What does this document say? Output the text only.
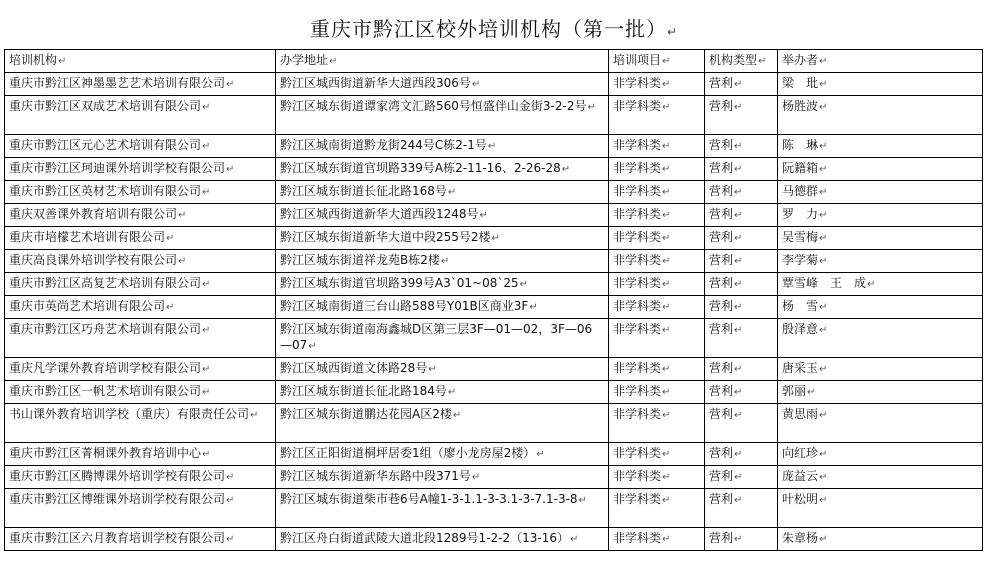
重庆市黔江区校外培训机构（第一批）↵
培训机构 ↵	办学地址 ↵	培训项目 ↵	机构类型 ↵	举办者 ↵
重庆市黔江区神墨墨艺艺术培训有限公司 ↵	黔江区城西街道新华大道西段306号 ↵	非学科类 ↵	营利 ↵	梁　玭 ↵
重庆市黔江区双成艺术培训有限公司 ↵	黔江区城东街道谭家湾文汇路560号恒盛伴山金街3-2-2号 ↵	非学科类 ↵	营利 ↵	杨胜波 ↵
重庆市黔江区元心艺术培训有限公司 ↵	黔江区城南街道黔龙街244号C栋2-1号 ↵	非学科类 ↵	营利 ↵	陈　琳 ↵
重庆市黔江区珂迪课外培训学校有限公司 ↵	黔江区城东街道官坝路339号A栋2-11-16、2-26-28 ↵	非学科类 ↵	营利 ↵	阮籍箱 ↵
重庆市黔江区英材艺术培训有限公司 ↵	黔江区城东街道长征北路168号 ↵	非学科类 ↵	营利 ↵	马德群 ↵
重庆双善课外教育培训有限公司 ↵	黔江区城西街道新华大道西段1248号 ↵	非学科类 ↵	营利 ↵	罗　力 ↵
重庆市培檬艺术培训有限公司 ↵	黔江区城东街道新华大道中段255号2楼 ↵	非学科类 ↵	营利 ↵	吴雪梅 ↵
重庆高良课外培训学校有限公司 ↵	黔江区城东街道祥龙苑B栋2楼 ↵	非学科类 ↵	营利 ↵	李学菊 ↵
重庆市黔江区高复艺术培训有限公司 ↵	黔江区城东街道官坝路399号A3`01~08`25 ↵	非学科类 ↵	营利 ↵	覃雪峰　王　成 ↵
重庆市英尚艺术培训有限公司 ↵	黔江区城南街道三台山路588号Y01B区商业3F ↵	非学科类 ↵	营利 ↵	杨　雪 ↵
重庆市黔江区巧舟艺术培训有限公司 ↵	黔江区城东街道南海鑫城D区第三层3F—01—02，3F—06—07 ↵	非学科类 ↵	营利 ↵	殷泽意 ↵
重庆凡学课外教育培训学校有限公司 ↵	黔江区城西街道文体路28号 ↵	非学科类 ↵	营利 ↵	唐采玉 ↵
重庆市黔江区一帆艺术培训有限公司 ↵	黔江区城东街道长征北路184号 ↵	非学科类 ↵	营利 ↵	郭丽 ↵
书山课外教育培训学校（重庆）有限责任公司 ↵	黔江区城东街道鹏达花园A区2楼 ↵	非学科类 ↵	营利 ↵	黄思雨 ↵
重庆市黔江区菁桐课外教育培训中心 ↵	黔江区正阳街道桐坪居委1组（廖小龙房屋2楼） ↵	非学科类 ↵	营利 ↵	向红珍 ↵
重庆市黔江区腾博课外培训学校有限公司 ↵	黔江区城东街道新华东路中段371号 ↵	非学科类 ↵	营利 ↵	庞益云 ↵
重庆市黔江区博维课外培训学校有限公司 ↵	黔江区城东街道柴市巷6号A幢1-3-1.1-3-3.1-3-7.1-3-8 ↵	非学科类 ↵	营利 ↵	叶松明 ↵
重庆市黔江区六月教育培训学校有限公司 ↵	黔江区舟白街道武陵大道北段1289号1-2-2（13-16） ↵	非学科类 ↵	营利 ↵	朱章杨 ↵
